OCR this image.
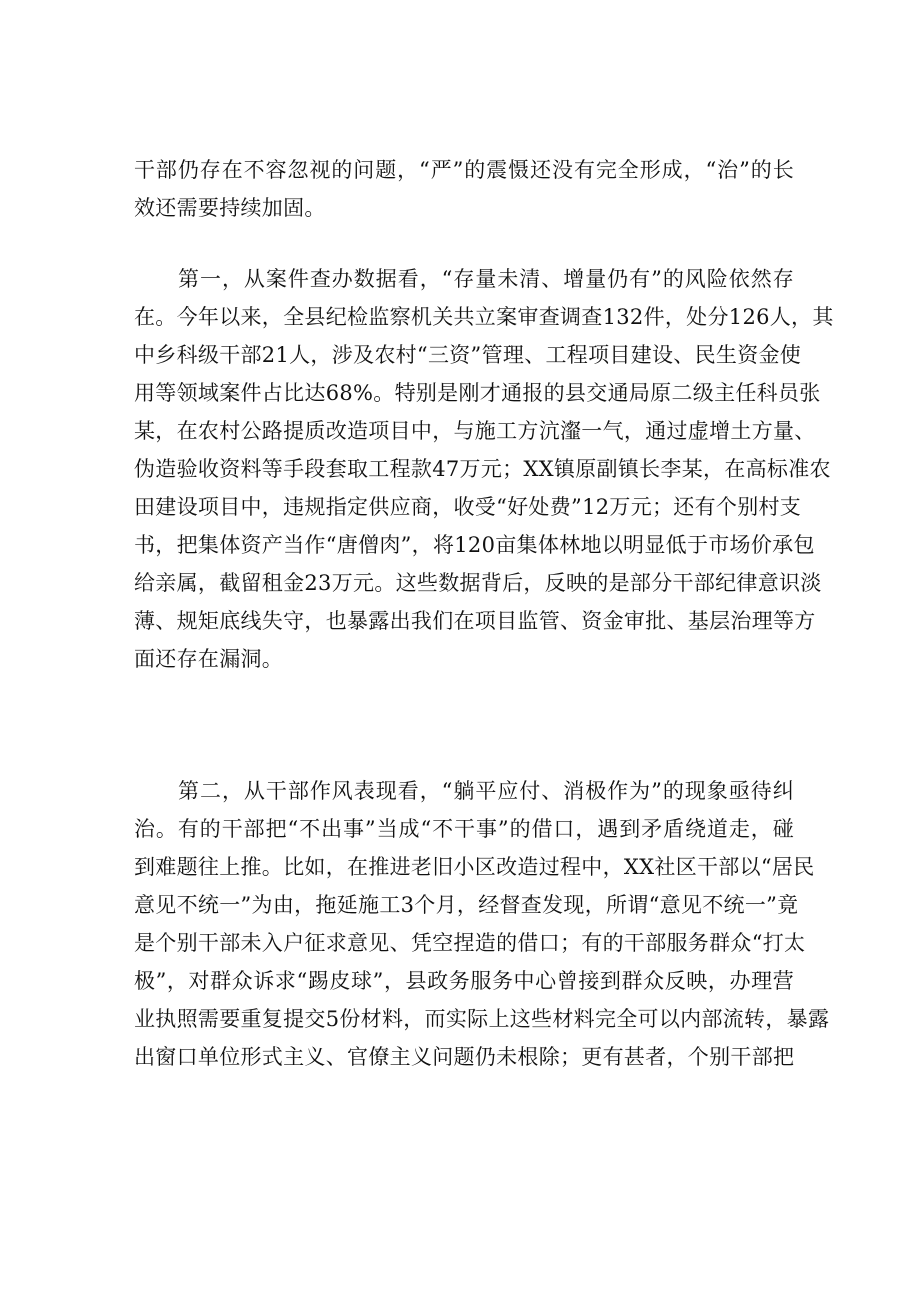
干部仍存在不容忽视的问题，“严”的震慑还没有完全形成，“治”的长
效还需要持续加固。
第一，从案件查办数据看，“存量未清、增量仍有”的风险依然存
在。今年以来，全县纪检监察机关共立案审查调查132件，处分126人，其
中乡科级干部21人，涉及农村“三资”管理、工程项目建设、民生资金使
用等领域案件占比达68%。特别是刚才通报的县交通局原二级主任科员张
某，在农村公路提质改造项目中，与施工方沆瀣一气，通过虚增土方量、
伪造验收资料等手段套取工程款47万元；XX镇原副镇长李某，在高标准农
田建设项目中，违规指定供应商，收受“好处费”12万元；还有个别村支
书，把集体资产当作“唐僧肉”，将120亩集体林地以明显低于市场价承包
给亲属，截留租金23万元。这些数据背后，反映的是部分干部纪律意识淡
薄、规矩底线失守，也暴露出我们在项目监管、资金审批、基层治理等方
面还存在漏洞。
第二，从干部作风表现看，“躺平应付、消极作为”的现象亟待纠
治。有的干部把“不出事”当成“不干事”的借口，遇到矛盾绕道走，碰
到难题往上推。比如，在推进老旧小区改造过程中，XX社区干部以“居民
意见不统一”为由，拖延施工3个月，经督查发现，所谓“意见不统一”竟
是个别干部未入户征求意见、凭空捏造的借口；有的干部服务群众“打太
极”，对群众诉求“踢皮球”，县政务服务中心曾接到群众反映，办理营
业执照需要重复提交5份材料，而实际上这些材料完全可以内部流转，暴露
出窗口单位形式主义、官僚主义问题仍未根除；更有甚者，个别干部把
